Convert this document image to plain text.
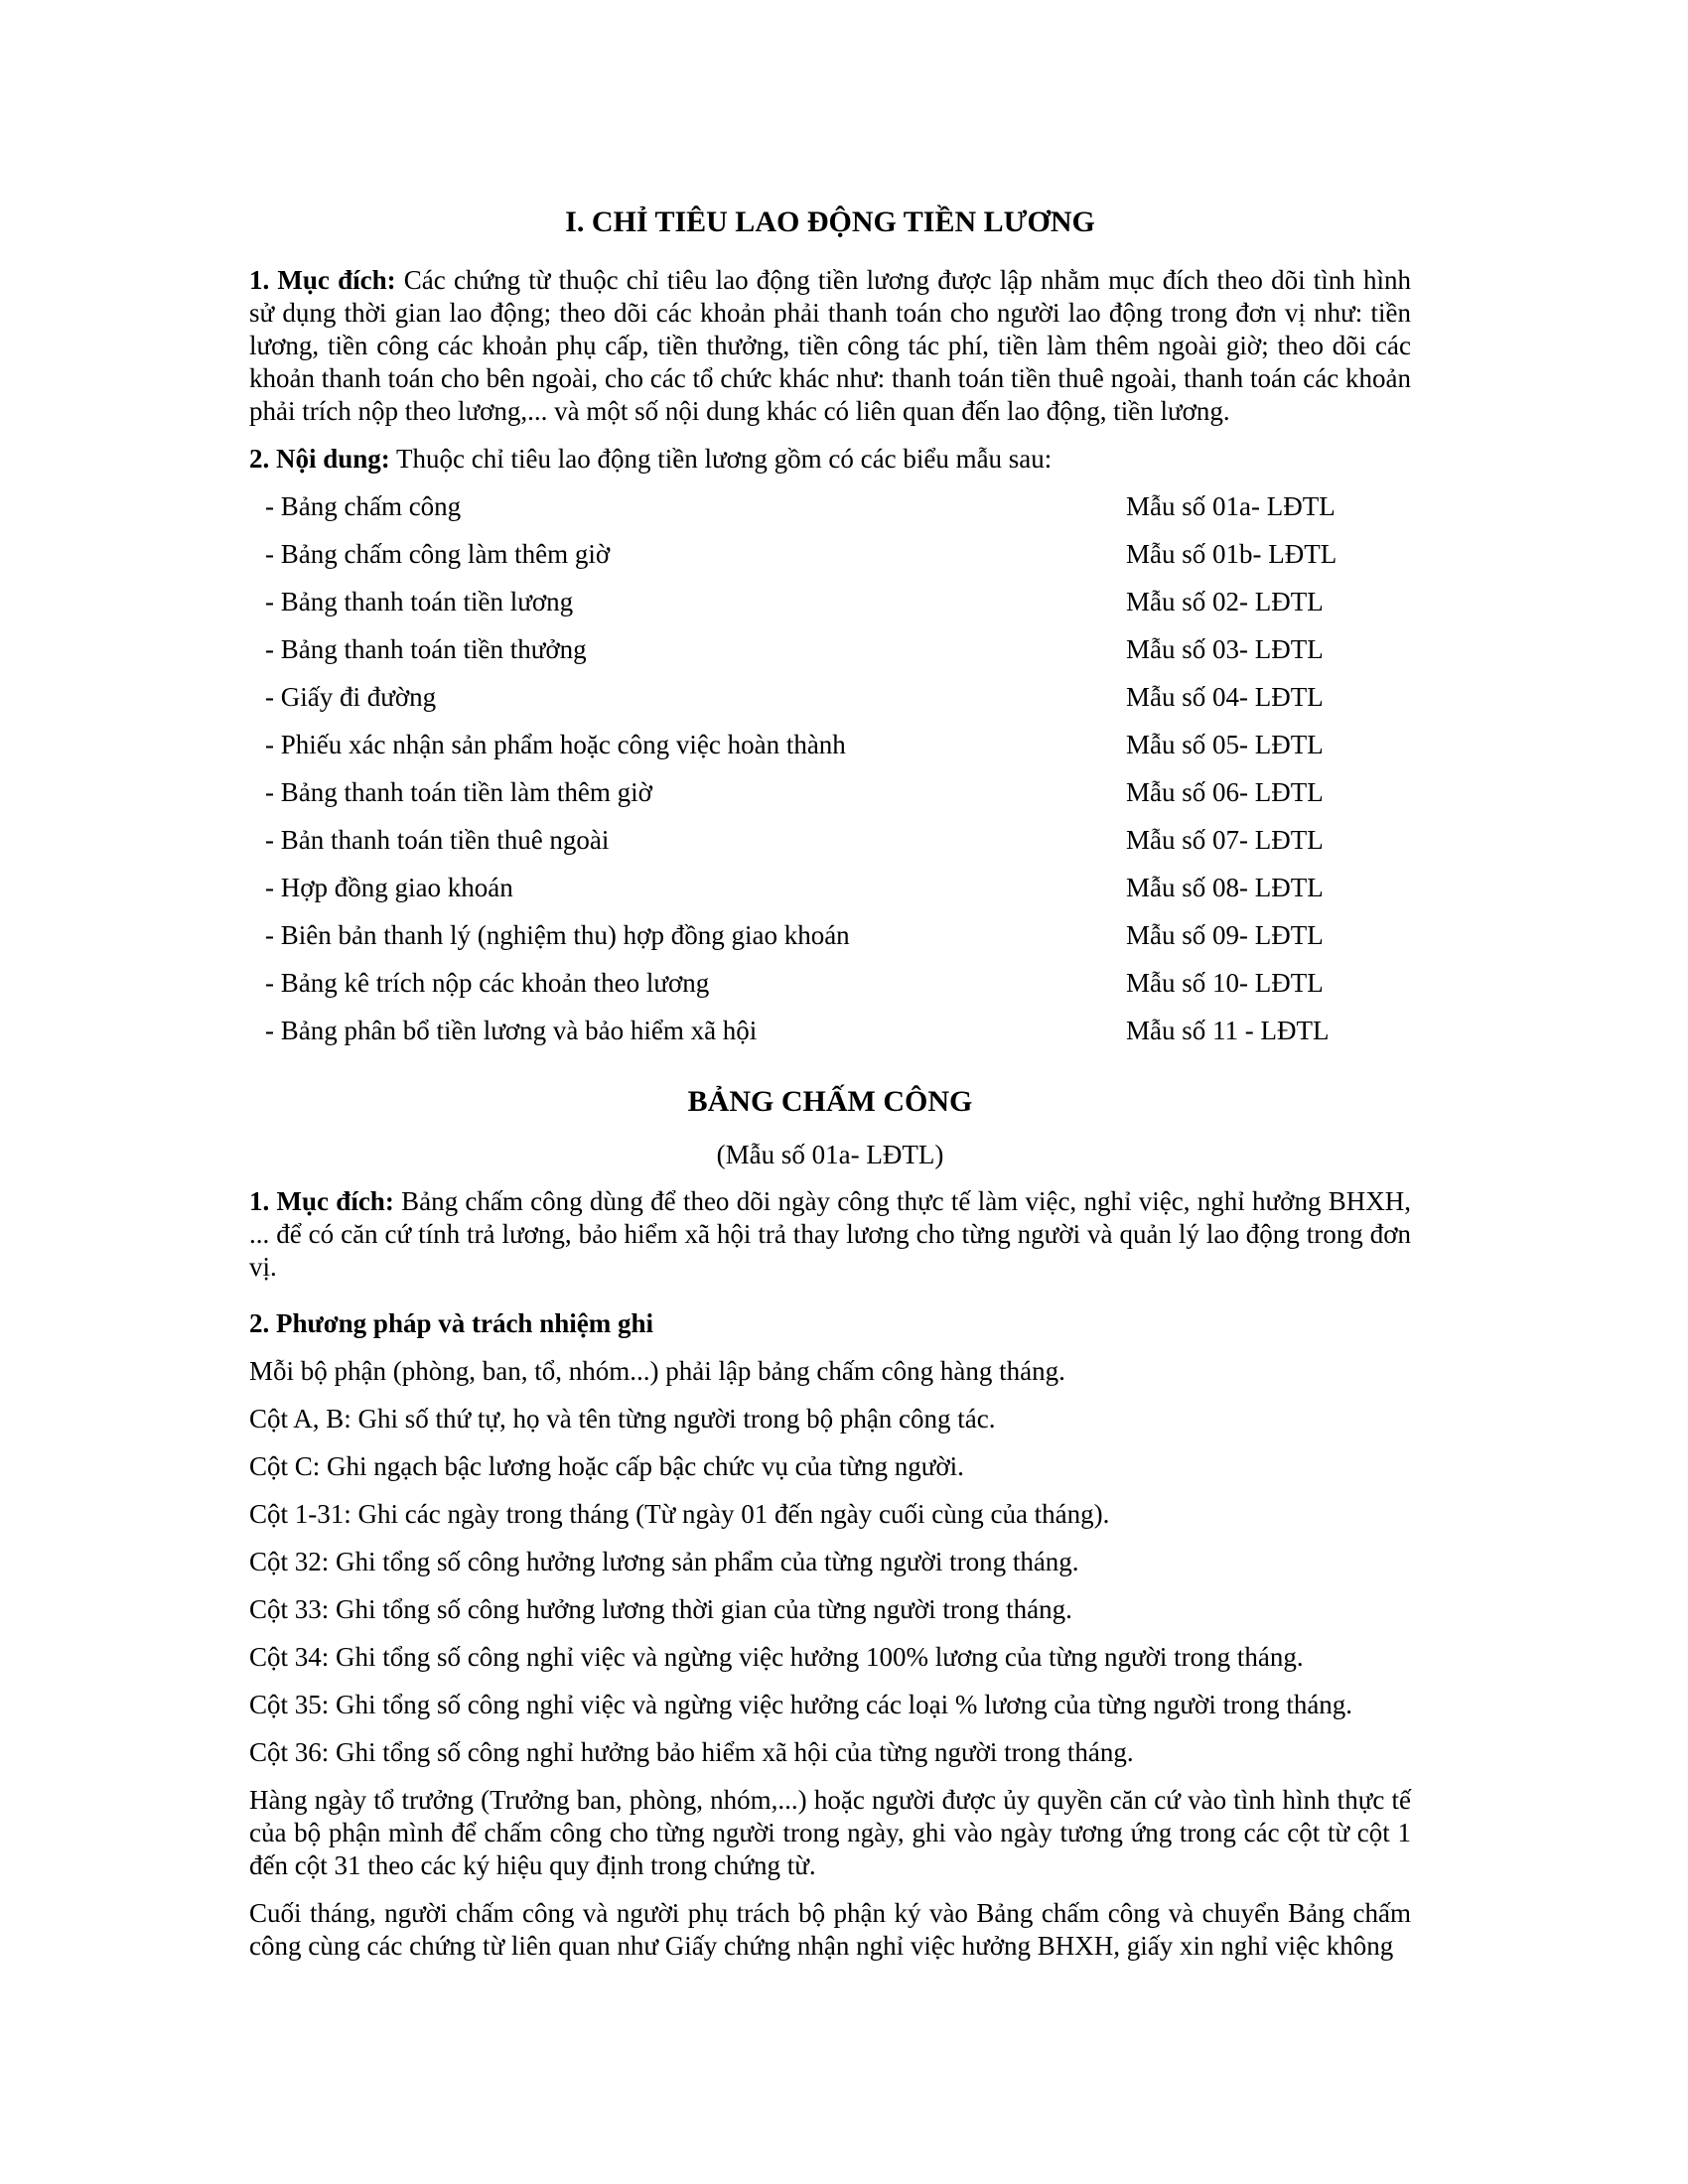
I. CHỈ TIÊU LAO ĐỘNG TIỀN LƯƠNG

1. Mục đích: Các chứng từ thuộc chỉ tiêu lao động tiền lương được lập nhằm mục đích theo dõi tình hình sử dụng thời gian lao động; theo dõi các khoản phải thanh toán cho người lao động trong đơn vị như: tiền lương, tiền công các khoản phụ cấp, tiền thưởng, tiền công tác phí, tiền làm thêm ngoài giờ; theo dõi các khoản thanh toán cho bên ngoài, cho các tổ chức khác như: thanh toán tiền thuê ngoài, thanh toán các khoản phải trích nộp theo lương,... và một số nội dung khác có liên quan đến lao động, tiền lương.

2. Nội dung: Thuộc chỉ tiêu lao động tiền lương gồm có các biểu mẫu sau:

- Bảng chấm công	Mẫu số 01a- LĐTL
- Bảng chấm công làm thêm giờ	Mẫu số 01b- LĐTL
- Bảng thanh toán tiền lương	Mẫu số 02- LĐTL
- Bảng thanh toán tiền thưởng	Mẫu số 03- LĐTL
- Giấy đi đường	Mẫu số 04- LĐTL
- Phiếu xác nhận sản phẩm hoặc công việc hoàn thành	Mẫu số 05- LĐTL
- Bảng thanh toán tiền làm thêm giờ	Mẫu số 06- LĐTL
- Bản thanh toán tiền thuê ngoài	Mẫu số 07- LĐTL
- Hợp đồng giao khoán	Mẫu số 08- LĐTL
- Biên bản thanh lý (nghiệm thu) hợp đồng giao khoán	Mẫu số 09- LĐTL
- Bảng kê trích nộp các khoản theo lương	Mẫu số 10- LĐTL
- Bảng phân bổ tiền lương và bảo hiểm xã hội	Mẫu số 11 - LĐTL
BẢNG CHẤM CÔNG

(Mẫu số 01a- LĐTL)

1. Mục đích: Bảng chấm công dùng để theo dõi ngày công thực tế làm việc, nghỉ việc, nghỉ hưởng BHXH, ... để có căn cứ tính trả lương, bảo hiểm xã hội trả thay lương cho từng người và quản lý lao động trong đơn vị.

2. Phương pháp và trách nhiệm ghi

Mỗi bộ phận (phòng, ban, tổ, nhóm...) phải lập bảng chấm công hàng tháng.

Cột A, B: Ghi số thứ tự, họ và tên từng người trong bộ phận công tác.

Cột C: Ghi ngạch bậc lương hoặc cấp bậc chức vụ của từng người.

Cột 1-31: Ghi các ngày trong tháng (Từ ngày 01 đến ngày cuối cùng của tháng).

Cột 32: Ghi tổng số công hưởng lương sản phẩm của từng người trong tháng.

Cột 33: Ghi tổng số công hưởng lương thời gian của từng người trong tháng.

Cột 34: Ghi tổng số công nghỉ việc và ngừng việc hưởng 100% lương của từng người trong tháng.

Cột 35: Ghi tổng số công nghỉ việc và ngừng việc hưởng các loại % lương của từng người trong tháng.

Cột 36: Ghi tổng số công nghỉ hưởng bảo hiểm xã hội của từng người trong tháng.

Hàng ngày tổ trưởng (Trưởng ban, phòng, nhóm,...) hoặc người được ủy quyền căn cứ vào tình hình thực tế của bộ phận mình để chấm công cho từng người trong ngày, ghi vào ngày tương ứng trong các cột từ cột 1 đến cột 31 theo các ký hiệu quy định trong chứng từ.

Cuối tháng, người chấm công và người phụ trách bộ phận ký vào Bảng chấm công và chuyển Bảng chấm công cùng các chứng từ liên quan như Giấy chứng nhận nghỉ việc hưởng BHXH, giấy xin nghỉ việc không
